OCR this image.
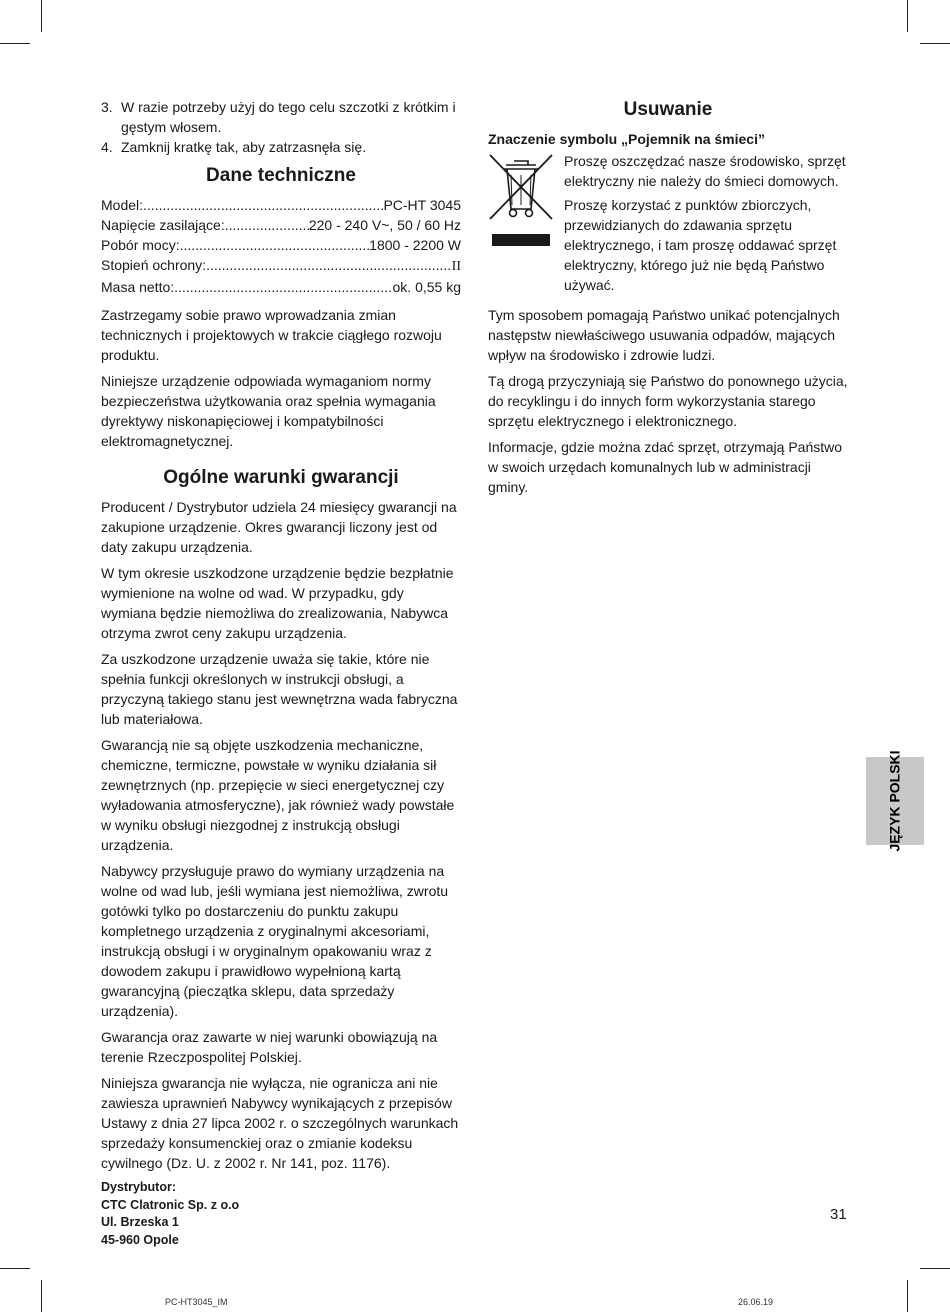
3. W razie potrzeby użyj do tego celu szczotki z krótkim i gęstym włosem.
4. Zamknij kratkę tak, aby zatrzasnęła się.
Dane techniczne
Model: .....	PC-HT 3045
Napięcie zasilające: .....	220 - 240 V~, 50 / 60 Hz
Pobór mocy: .....	1800 - 2200 W
Stopień ochrony: .....	II
Masa netto: .....	ok. 0,55 kg

Zastrzegamy sobie prawo wprowadzania zmian technicznych i projektowych w trakcie ciągłego rozwoju produktu.

Niniejsze urządzenie odpowiada wymaganiom normy bezpieczeństwa użytkowania oraz spełnia wymagania dyrektywy niskonapięciowej i kompatybilności elektromagnetycznej.

Ogólne warunki gwarancji

Producent / Dystrybutor udziela 24 miesięcy gwarancji na zakupione urządzenie. Okres gwarancji liczony jest od daty zakupu urządzenia.

W tym okresie uszkodzone urządzenie będzie bezpłatnie wymienione na wolne od wad. W przypadku, gdy wymiana będzie niemożliwa do zrealizowania, Nabywca otrzyma zwrot ceny zakupu urządzenia.

Za uszkodzone urządzenie uważa się takie, które nie spełnia funkcji określonych w instrukcji obsługi, a przyczyną takiego stanu jest wewnętrzna wada fabryczna lub materiałowa.

Gwarancją nie są objęte uszkodzenia mechaniczne, chemiczne, termiczne, powstałe w wyniku działania sił zewnętrznych (np. przepięcie w sieci energetycznej czy wyładowania atmosferyczne), jak również wady powstałe w wyniku obsługi niezgodnej z instrukcją obsługi urządzenia.

Nabywcy przysługuje prawo do wymiany urządzenia na wolne od wad lub, jeśli wymiana jest niemożliwa, zwrotu gotówki tylko po dostarczeniu do punktu zakupu kompletnego urządzenia z oryginalnymi akcesoriami, instrukcją obsługi i w oryginalnym opakowaniu wraz z dowodem zakupu i prawidłowo wypełnioną kartą gwarancyjną (pieczątka sklepu, data sprzedaży urządzenia).

Gwarancja oraz zawarte w niej warunki obowiązują na terenie Rzeczpospolitej Polskiej.

Niniejsza gwarancja nie wyłącza, nie ogranicza ani nie zawiesza uprawnień Nabywcy wynikających z przepisów Ustawy z dnia 27 lipca 2002 r. o szczególnych warunkach sprzedaży konsumenckiej oraz o zmianie kodeksu cywilnego (Dz. U. z 2002 r. Nr 141, poz. 1176).

Dystrybutor:
CTC Clatronic Sp. z o.o
Ul. Brzeska 1
45-960 Opole
Usuwanie
Znaczenie symbolu „Pojemnik na śmieci”

Proszę oszczędzać nasze środowisko, sprzęt elektryczny nie należy do śmieci domowych.

Proszę korzystać z punktów zbiorczych, przewidzianych do zdawania sprzętu elektrycznego, i tam proszę oddawać sprzęt elektryczny, którego już nie będą Państwo używać.

Tym sposobem pomagają Państwo unikać potencjalnych następstw niewłaściwego usuwania odpadów, mających wpływ na środowisko i zdrowie ludzi.

Tą drogą przyczyniają się Państwo do ponownego użycia, do recyklingu i do innych form wykorzystania starego sprzętu elektrycznego i elektronicznego.

Informacje, gdzie można zdać sprzęt, otrzymają Państwo w swoich urzędach komunalnych lub w administracji gminy.

JĘZYK POLSKI
31
PC-HT3045_IM	26.06.19
